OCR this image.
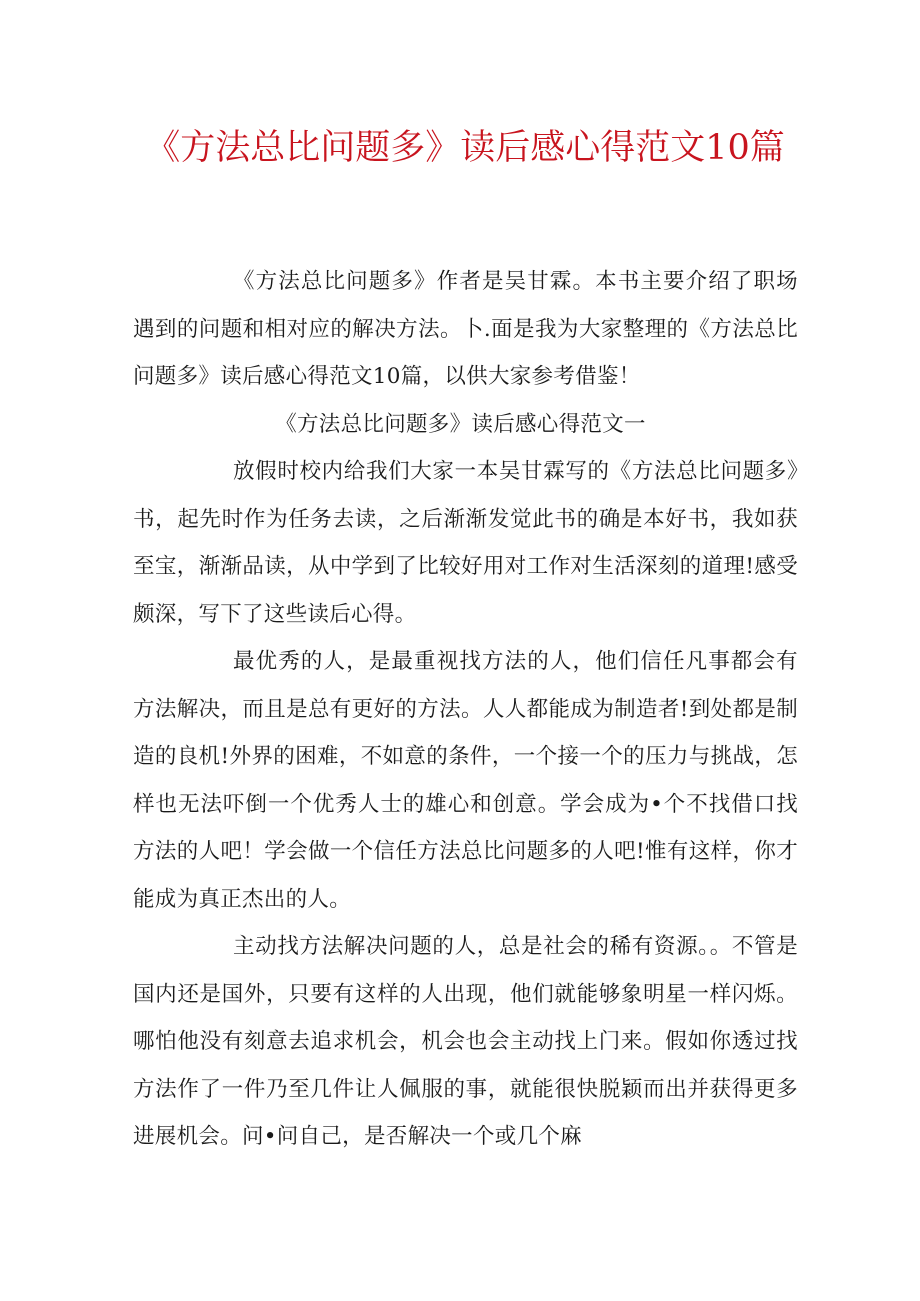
《方法总比问题多》读后感心得范文10篇

《方法总比问题多》作者是吴甘霖。本书主要介绍了职场遇到的问题和相对应的解决方法。卜.面是我为大家整理的《方法总比问题多》读后感心得范文10篇，以供大家参考借鉴！

《方法总比问题多》读后感心得范文一

放假时校内给我们大家一本吴甘霖写的《方法总比问题多》书，起先时作为任务去读，之后渐渐发觉此书的确是本好书，我如获至宝，渐渐品读，从中学到了比较好用对工作对生活深刻的道理!感受颇深，写下了这些读后心得。

最优秀的人，是最重视找方法的人，他们信任凡事都会有方法解决，而且是总有更好的方法。人人都能成为制造者!到处都是制造的良机!外界的困难，不如意的条件，一个接一个的压力与挑战，怎样也无法吓倒一个优秀人士的雄心和创意。学会成为•个不找借口找方法的人吧！学会做一个信任方法总比问题多的人吧!惟有这样，你才能成为真正杰出的人。

主动找方法解决问题的人，总是社会的稀有资源。。不管是国内还是国外，只要有这样的人出现，他们就能够象明星一样闪烁。哪怕他没有刻意去追求机会，机会也会主动找上门来。假如你透过找方法作了一件乃至几件让人佩服的事，就能很快脱颖而出并获得更多进展机会。问•问自己，是否解决一个或几个麻
